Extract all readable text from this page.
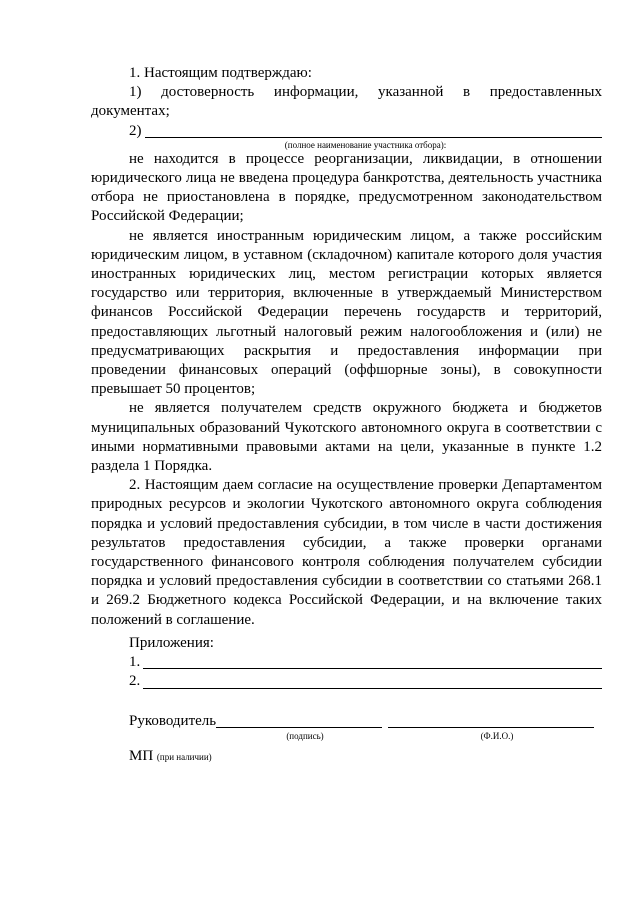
1. Настоящим подтверждаю:

1) достоверность информации, указанной в предоставленных документах;

2)
(полное наименование участника отбора):

не находится в процессе реорганизации, ликвидации, в отношении юридического лица не введена процедура банкротства, деятельность участника отбора не приостановлена в порядке, предусмотренном законодательством Российской Федерации;

не является иностранным юридическим лицом, а также российским юридическим лицом, в уставном (складочном) капитале которого доля участия иностранных юридических лиц, местом регистрации которых является государство или территория, включенные в утверждаемый Министерством финансов Российской Федерации перечень государств и территорий, предоставляющих льготный налоговый режим налогообложения и (или) не предусматривающих раскрытия и предоставления информации при проведении финансовых операций (оффшорные зоны), в совокупности превышает 50 процентов;

не является получателем средств окружного бюджета и бюджетов муниципальных образований Чукотского автономного округа в соответствии с иными нормативными правовыми актами на цели, указанные в пункте 1.2 раздела 1 Порядка.

2. Настоящим даем согласие на осуществление проверки Департаментом природных ресурсов и экологии Чукотского автономного округа соблюдения порядка и условий предоставления субсидии, в том числе в части достижения результатов предоставления субсидии, а также проверки органами государственного финансового контроля соблюдения получателем субсидии порядка и условий предоставления субсидии в соответствии со статьями 268.1 и 269.2 Бюджетного кодекса Российской Федерации, и на включение таких положений в соглашение.

Приложения:

1.
2.
Руководитель
(подпись)	(Ф.И.О.)
МП (при наличии)
